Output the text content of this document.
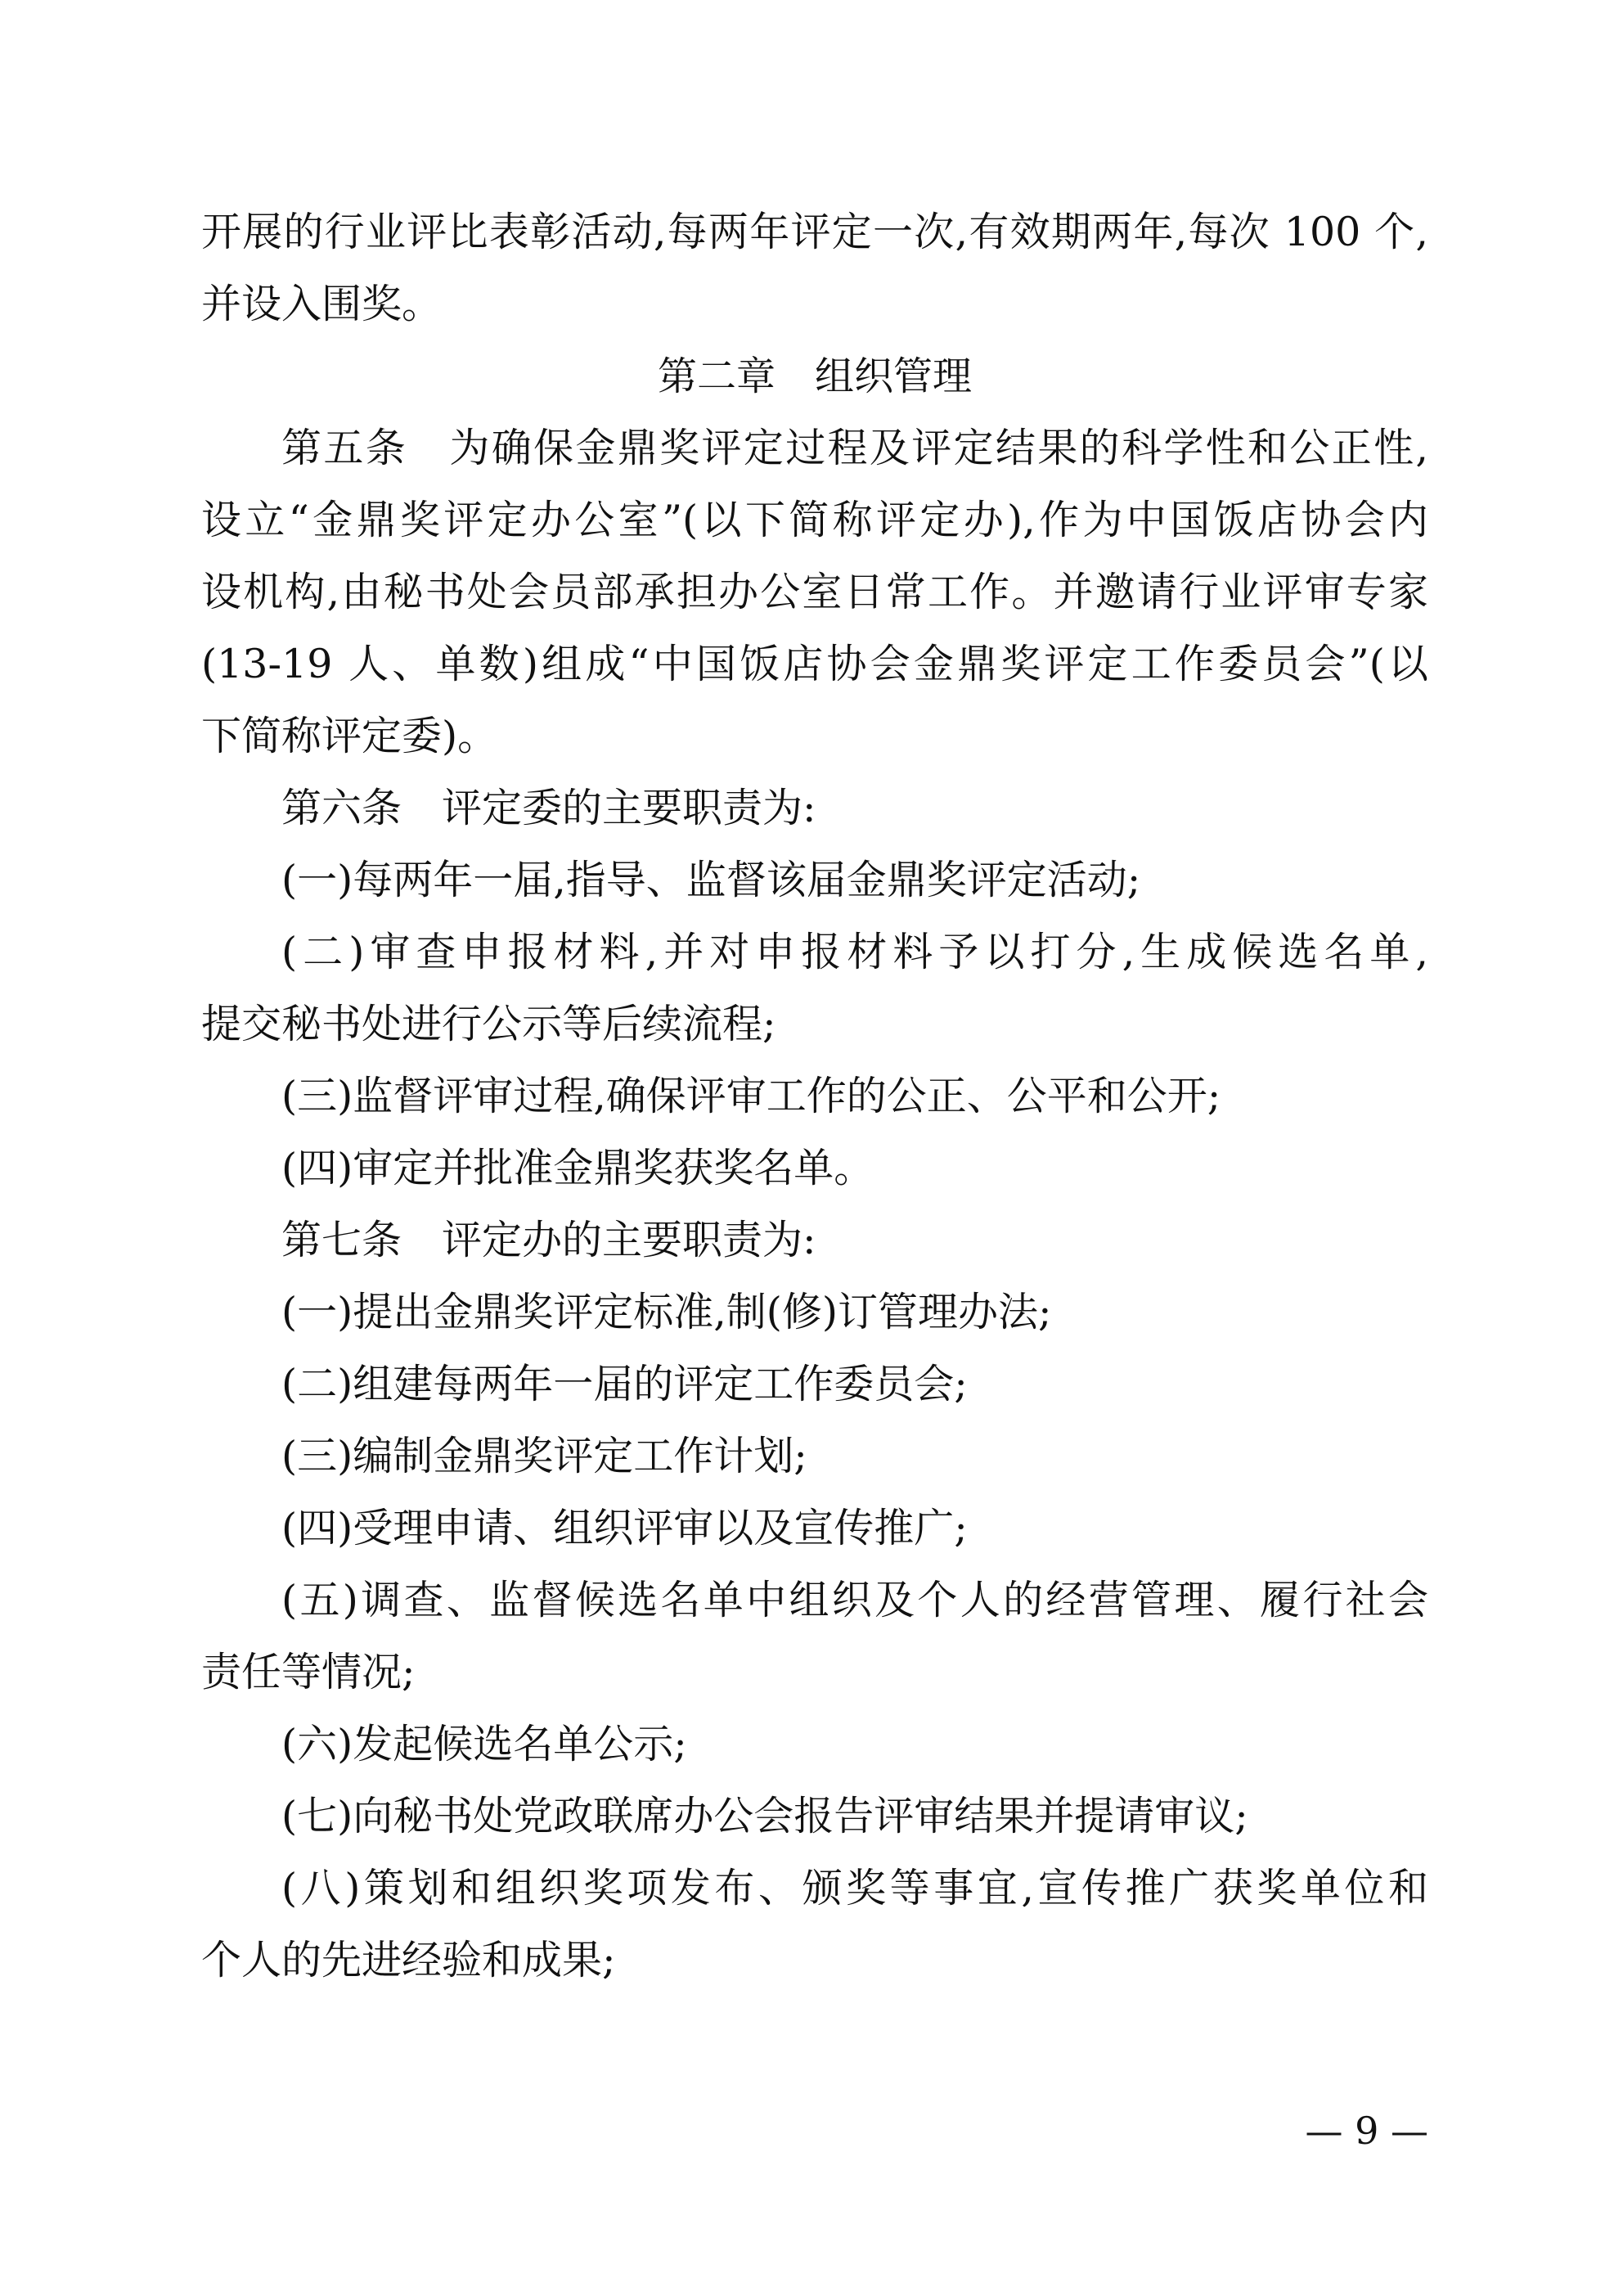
开展的行业评比表彰活动,每两年评定一次,有效期两年,每次 100 个,
并设入围奖。
第二章　组织管理
第五条　为确保金鼎奖评定过程及评定结果的科学性和公正性,
设立“金鼎奖评定办公室”(以下简称评定办),作为中国饭店协会内
设机构,由秘书处会员部承担办公室日常工作。并邀请行业评审专家
(13-19 人、单数)组成“中国饭店协会金鼎奖评定工作委员会”(以
下简称评定委)。
第六条　评定委的主要职责为:
(一)每两年一届,指导、监督该届金鼎奖评定活动;
(二)审查申报材料,并对申报材料予以打分,生成候选名单,
提交秘书处进行公示等后续流程;
(三)监督评审过程,确保评审工作的公正、公平和公开;
(四)审定并批准金鼎奖获奖名单。
第七条　评定办的主要职责为:
(一)提出金鼎奖评定标准,制(修)订管理办法;
(二)组建每两年一届的评定工作委员会;
(三)编制金鼎奖评定工作计划;
(四)受理申请、组织评审以及宣传推广;
(五)调查、监督候选名单中组织及个人的经营管理、履行社会
责任等情况;
(六)发起候选名单公示;
(七)向秘书处党政联席办公会报告评审结果并提请审议;
(八)策划和组织奖项发布、颁奖等事宜,宣传推广获奖单位和
个人的先进经验和成果;
— 9 —
